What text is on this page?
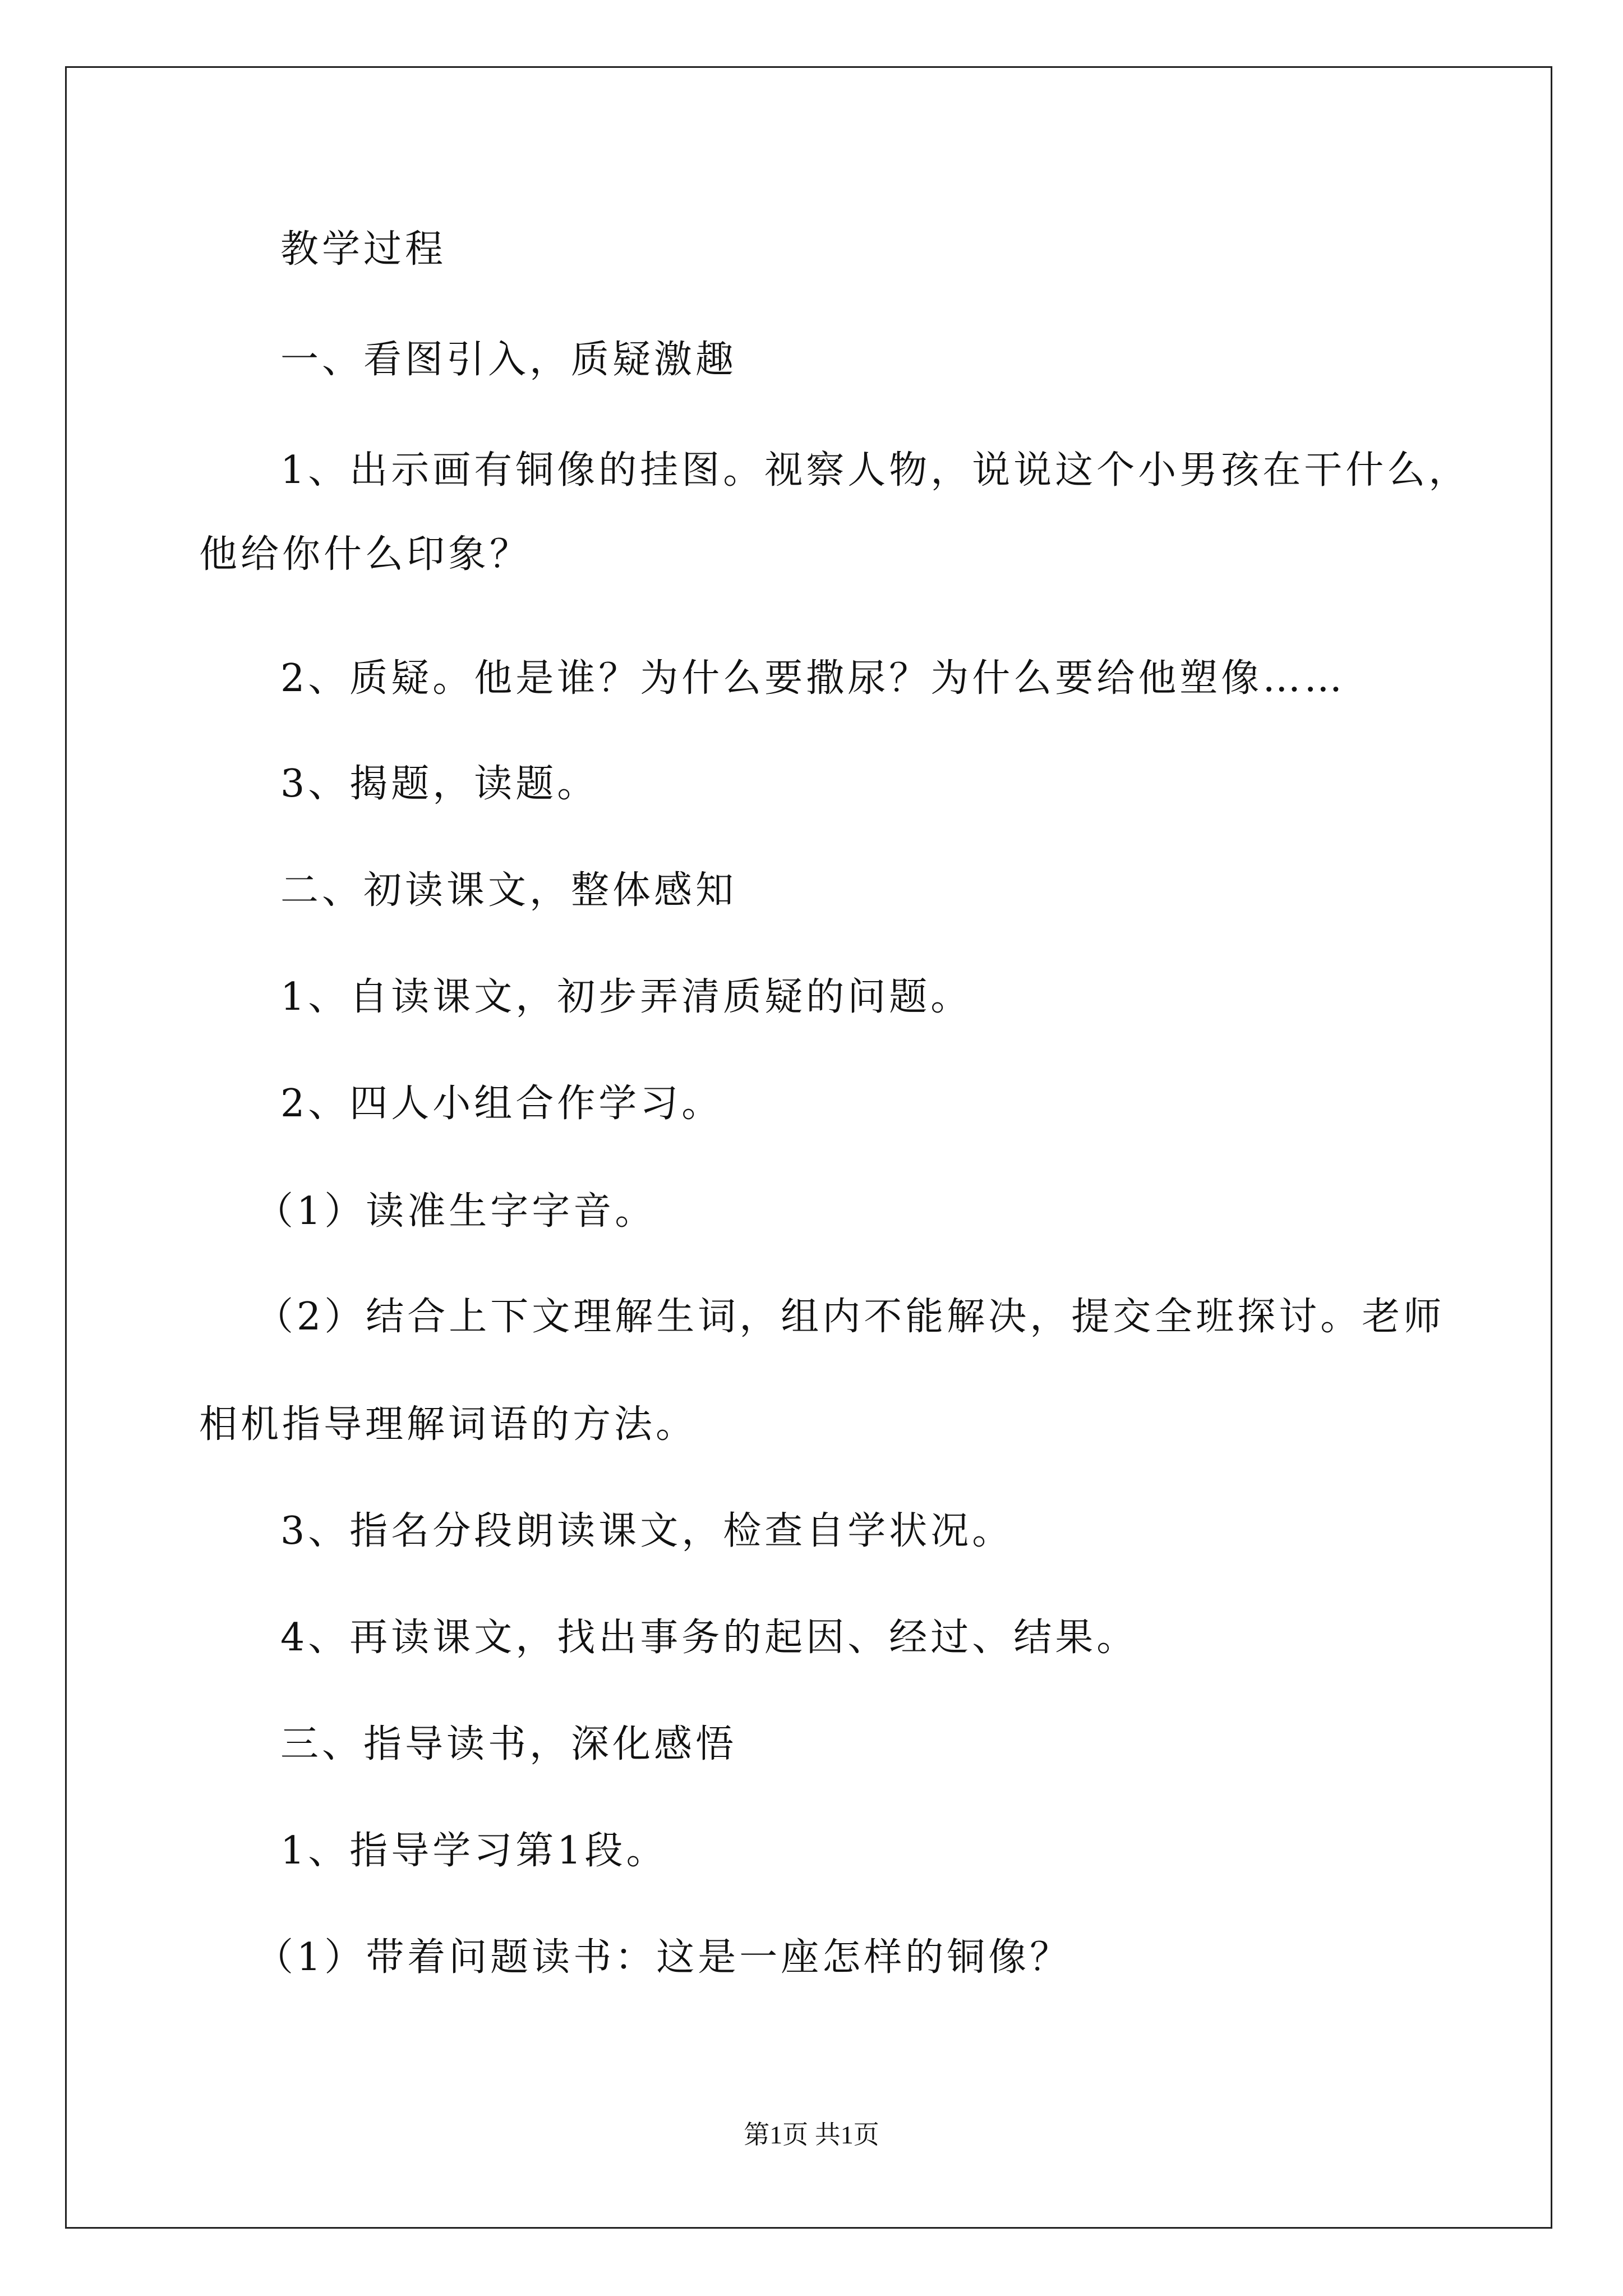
教学过程

一、看图引入，质疑激趣

1、出示画有铜像的挂图。视察人物，说说这个小男孩在干什么，

他给你什么印象？

2、质疑。他是谁？为什么要撒尿？为什么要给他塑像……

3、揭题，读题。

二、初读课文，整体感知

1、自读课文，初步弄清质疑的问题。

2、四人小组合作学习。

（1）读准生字字音。

（2）结合上下文理解生词，组内不能解决，提交全班探讨。老师

相机指导理解词语的方法。

3、指名分段朗读课文，检查自学状况。

4、再读课文，找出事务的起因、经过、结果。

三、指导读书，深化感悟

1、指导学习第1段。

（1）带着问题读书：这是一座怎样的铜像？

第1页 共1页
